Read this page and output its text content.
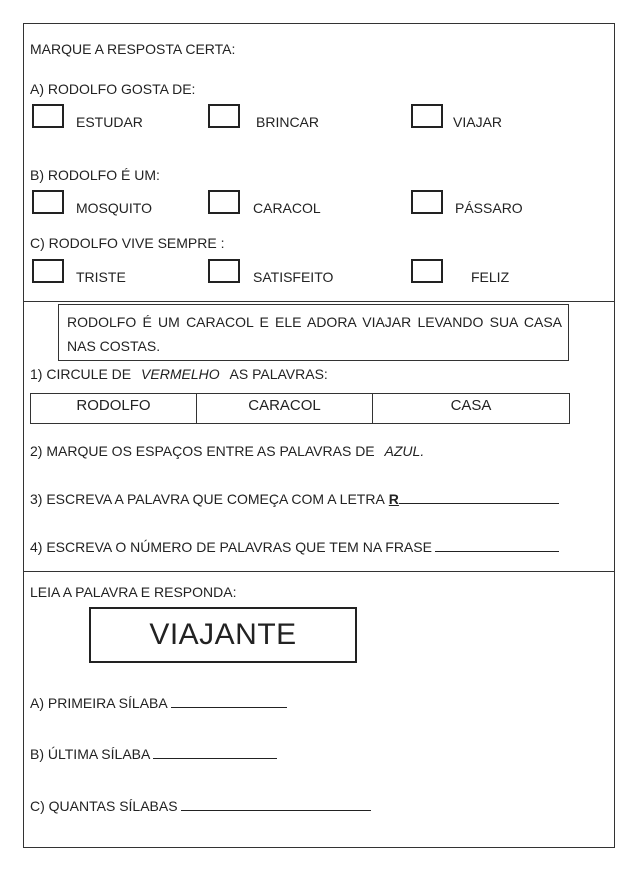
MARQUE A RESPOSTA CERTA:
A) RODOLFO GOSTA DE:
ESTUDAR	BRINCAR	VIAJAR
B) RODOLFO É UM:
MOSQUITO	CARACOL	PÁSSARO
C) RODOLFO VIVE SEMPRE :
TRISTE	SATISFEITO	FELIZ
RODOLFO É UM CARACOL E ELE ADORA VIAJAR LEVANDO SUA CASA NAS COSTAS.
1) CIRCULE DE VERMELHO AS PALAVRAS:
RODOLFO	CARACOL	CASA
2) MARQUE OS ESPAÇOS ENTRE AS PALAVRAS DE AZUL.
3) ESCREVA A PALAVRA QUE COMEÇA COM A LETRA R
4) ESCREVA O NÚMERO DE PALAVRAS QUE TEM NA FRASE
LEIA A PALAVRA E RESPONDA:
VIAJANTE
A) PRIMEIRA SÍLABA
B) ÚLTIMA SÍLABA
C) QUANTAS SÍLABAS
